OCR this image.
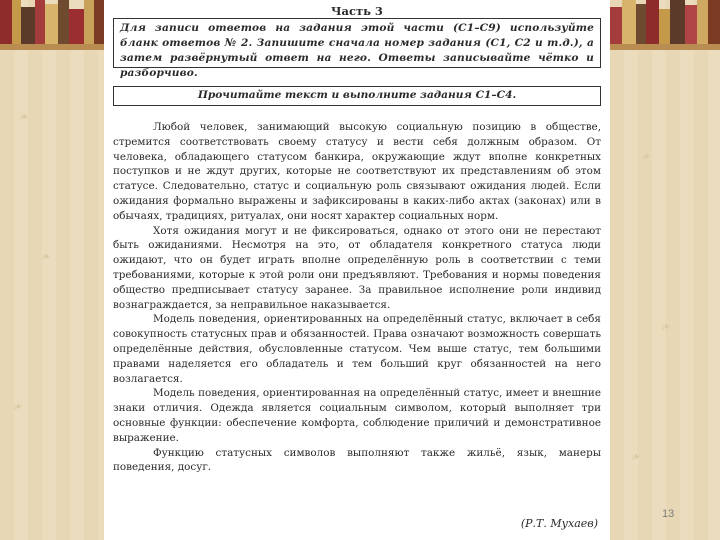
❧
❧
❧
❧
❧
❧
Часть 3
Для записи ответов на задания этой части (С1–С9) используйте бланк ответов № 2. Запишите сначала номер задания (С1, С2 и т.д.), а затем развёрнутый ответ на него. Ответы записывайте чётко и разборчиво.
Прочитайте текст и выполните задания С1–С4.

Любой человек, занимающий высокую социальную позицию в обществе, стремится соответствовать своему статусу и вести себя должным образом. От человека, обладающего статусом банкира, окружающие ждут вполне конкретных поступков и не ждут других, которые не соответствуют их представлениям об этом статусе. Следовательно, статус и социальную роль связывают ожидания людей. Если ожидания формально выражены и зафиксированы в каких-либо актах (законах) или в обычаях, традициях, ритуалах, они носят характер социальных норм.

Хотя ожидания могут и не фиксироваться, однако от этого они не перестают быть ожиданиями. Несмотря на это, от обладателя конкретного статуса люди ожидают, что он будет играть вполне определённую роль в соответствии с теми требованиями, которые к этой роли они предъявляют. Требования и нормы поведения общество предписывает статусу заранее. За правильное исполнение роли индивид вознаграждается, за неправильное наказывается.

Модель поведения, ориентированных на определённый статус, включает в себя совокупность статусных прав и обязанностей. Права означают возможность совершать определённые действия, обусловленные статусом. Чем выше статус, тем большими правами наделяется его обладатель и тем больший круг обязанностей на него возлагается.

Модель поведения, ориентированная на определённый статус, имеет и внешние знаки отличия. Одежда является социальным символом, который выполняет три основные функции: обеспечение комфорта, соблюдение приличий и демонстративное выражение.

Функцию статусных символов выполняют также жильё, язык, манеры поведения, досуг.

(Р.Т. Мухаев)
13
